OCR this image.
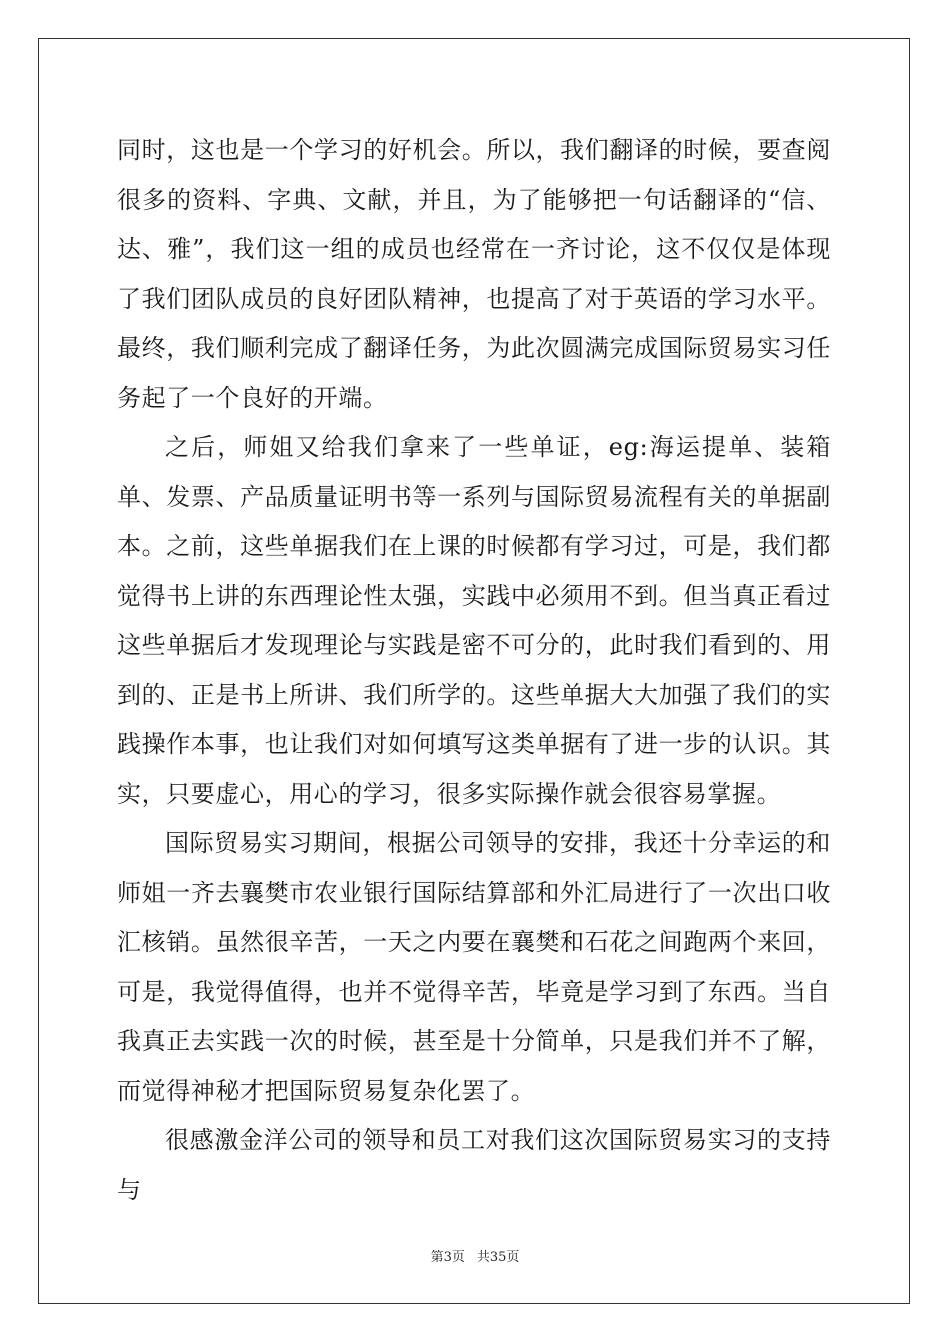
同时，这也是一个学习的好机会。所以，我们翻译的时候，要查阅很多的资料、字典、文献，并且，为了能够把一句话翻译的“信、达、雅”，我们这一组的成员也经常在一齐讨论，这不仅仅是体现了我们团队成员的良好团队精神，也提高了对于英语的学习水平。最终，我们顺利完成了翻译任务，为此次圆满完成国际贸易实习任务起了一个良好的开端。

之后，师姐又给我们拿来了一些单证，eg:海运提单、装箱单、发票、产品质量证明书等一系列与国际贸易流程有关的单据副本。之前，这些单据我们在上课的时候都有学习过，可是，我们都觉得书上讲的东西理论性太强，实践中必须用不到。但当真正看过这些单据后才发现理论与实践是密不可分的，此时我们看到的、用到的、正是书上所讲、我们所学的。这些单据大大加强了我们的实践操作本事，也让我们对如何填写这类单据有了进一步的认识。其实，只要虚心，用心的学习，很多实际操作就会很容易掌握。

国际贸易实习期间，根据公司领导的安排，我还十分幸运的和师姐一齐去襄樊市农业银行国际结算部和外汇局进行了一次出口收汇核销。虽然很辛苦，一天之内要在襄樊和石花之间跑两个来回，可是，我觉得值得，也并不觉得辛苦，毕竟是学习到了东西。当自我真正去实践一次的时候，甚至是十分简单，只是我们并不了解，而觉得神秘才把国际贸易复杂化罢了。

很感激金洋公司的领导和员工对我们这次国际贸易实习的支持与

第3页 共35页
